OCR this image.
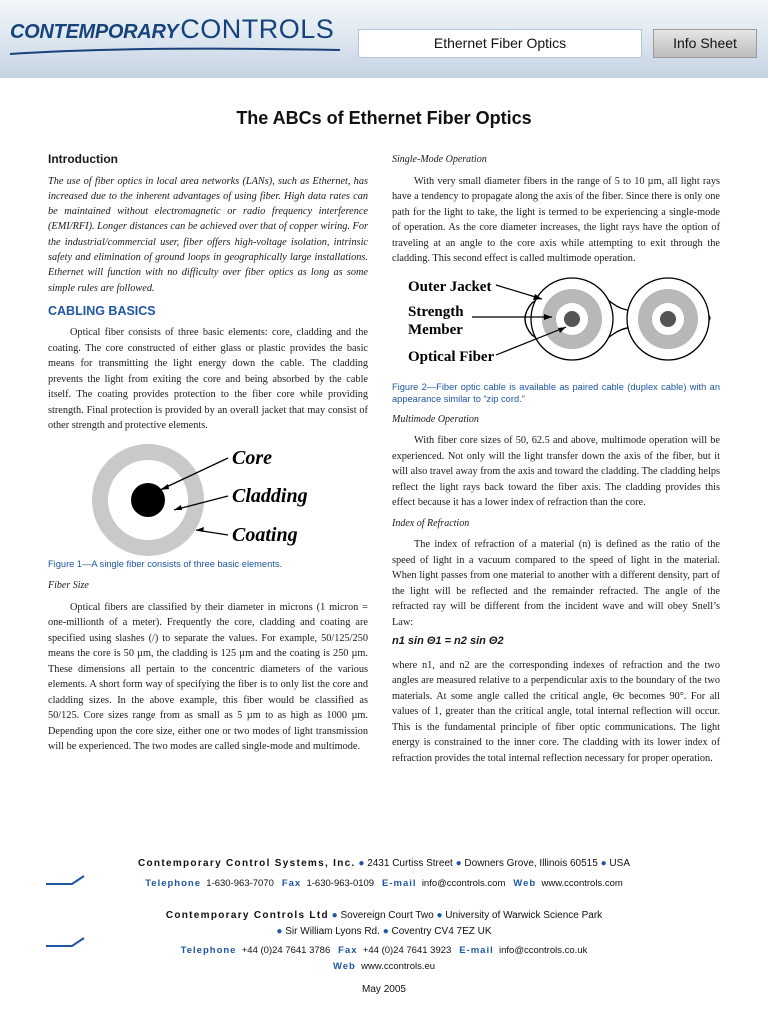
CONTEMPORARYCONTROLS	Ethernet Fiber Optics	Info Sheet
The ABCs of Ethernet Fiber Optics

Introduction

The use of fiber optics in local area networks (LANs), such as Ethernet, has increased due to the inherent advantages of using fiber. High data rates can be maintained without electromagnetic or radio frequency interference (EMI/RFI). Longer distances can be achieved over that of copper wiring. For the industrial/commercial user, fiber offers high-voltage isolation, intrinsic safety and elimination of ground loops in geographically large installations. Ethernet will function with no difficulty over fiber optics as long as some simple rules are followed.

CABLING BASICS

Optical fiber consists of three basic elements: core, cladding and the coating. The core constructed of either glass or plastic provides the basic means for transmitting the light energy down the cable. The cladding prevents the light from exiting the core and being absorbed by the cable itself. The coating provides protection to the fiber core while providing strength. Final protection is provided by an overall jacket that may consist of other strength and protective elements.

Core
Cladding
Coating

Figure 1—A single fiber consists of three basic elements.

Fiber Size

Optical fibers are classified by their diameter in microns (1 micron = one-millionth of a meter). Frequently the core, cladding and coating are specified using slashes (/) to separate the values. For example, 50/125/250 means the core is 50 µm, the cladding is 125 µm and the coating is 250 µm. These dimensions all pertain to the concentric diameters of the various elements. A short form way of specifying the fiber is to only list the core and cladding sizes. In the above example, this fiber would be classified as 50/125. Core sizes range from as small as 5 µm to as high as 1000 µm. Depending upon the core size, either one or two modes of light transmission will be experienced. The two modes are called single-mode and multimode.

Single-Mode Operation

With very small diameter fibers in the range of 5 to 10 µm, all light rays have a tendency to propagate along the axis of the fiber. Since there is only one path for the light to take, the light is termed to be experiencing a single-mode of operation. As the core diameter increases, the light rays have the option of traveling at an angle to the core axis while attempting to exit through the cladding. This second effect is called multimode operation.

Outer Jacket
Strength
Member
Optical Fiber

Figure 2—Fiber optic cable is available as paired cable (duplex cable) with an appearance similar to “zip cord.”

Multimode Operation

With fiber core sizes of 50, 62.5 and above, multimode operation will be experienced. Not only will the light transfer down the axis of the fiber, but it will also travel away from the axis and toward the cladding. The cladding helps reflect the light rays back toward the fiber axis. The cladding provides this effect because it has a lower index of refraction than the core.

Index of Refraction

The index of refraction of a material (n) is defined as the ratio of the speed of light in a vacuum compared to the speed of light in the material. When light passes from one material to another with a different density, part of the light will be reflected and the remainder refracted. The angle of the refracted ray will be different from the incident wave and will obey Snell’s Law:

n1 sin Θ1 = n2 sin Θ2

where n1, and n2 are the corresponding indexes of refraction and the two angles are measured relative to a perpendicular axis to the boundary of the two materials. At some angle called the critical angle, Θc becomes 90°. For all values of 1, greater than the critical angle, total internal reflection will occur. This is the fundamental principle of fiber optic communications. The light energy is constrained to the inner core. The cladding with its lower index of refraction provides the total internal reflection necessary for proper operation.

Contemporary Control Systems, Inc. ● 2431 Curtiss Street ● Downers Grove, Illinois 60515 ● USA
Telephone 1-630-963-7070 Fax 1-630-963-0109 E-mail info@ccontrols.com Web www.ccontrols.com
Contemporary Controls Ltd ● Sovereign Court Two ● University of Warwick Science Park
● Sir William Lyons Rd. ● Coventry CV4 7EZ UK
Telephone +44 (0)24 7641 3786 Fax +44 (0)24 7641 3923 E-mail info@ccontrols.co.uk
Web www.ccontrols.eu
May 2005
